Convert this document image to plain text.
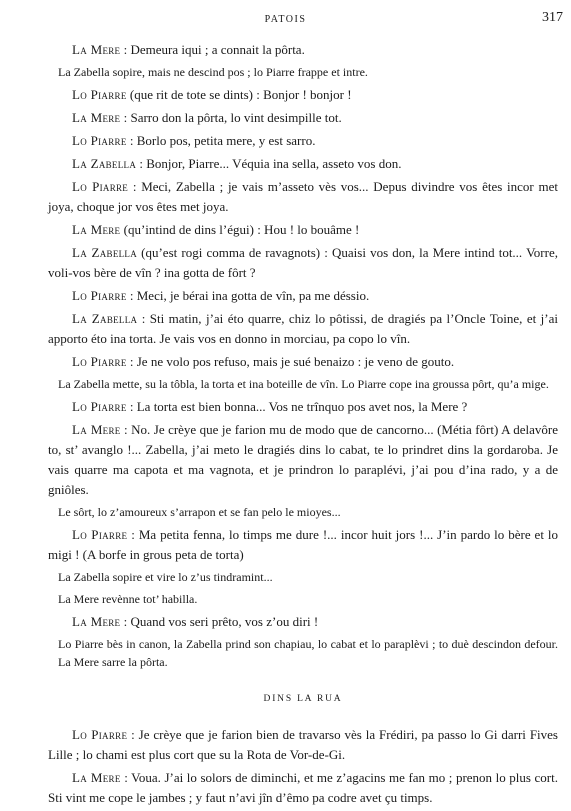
PATOIS	317

La Mere : Demeura iqui ; a connait la pôrta.

La Zabella sopire, mais ne descind pos ; lo Piarre frappe et intre.

Lo Piarre (que rit de tote se dints) : Bonjor ! bonjor !

La Mere : Sarro don la pôrta, lo vint desimpille tot.

Lo Piarre : Borlo pos, petita mere, y est sarro.

La Zabella : Bonjor, Piarre... Véquia ina sella, asseto vos don.

Lo Piarre : Meci, Zabella ; je vais m’asseto vès vos... Depus divindre vos êtes incor met joya, choque jor vos êtes met joya.

La Mere (qu’intind de dins l’égui) : Hou ! lo bouâme !

La Zabella (qu’est rogi comma de ravagnots) : Quaisi vos don, la Mere intind tot... Vorre, voli-vos bère de vîn ? ina gotta de fôrt ?

Lo Piarre : Meci, je bérai ina gotta de vîn, pa me déssio.

La Zabella : Sti matin, j’ai éto quarre, chiz lo pôtissi, de dragiés pa l’Oncle Toine, et j’ai apporto éto ina torta. Je vais vos en donno in morciau, pa copo lo vîn.

Lo Piarre : Je ne volo pos refuso, mais je sué benaizo : je veno de gouto.

La Zabella mette, su la tôbla, la torta et ina boteille de vîn. Lo Piarre cope ina groussa pôrt, qu’a mige.

Lo Piarre : La torta est bien bonna... Vos ne trînquo pos avet nos, la Mere ?

La Mere : No. Je crèye que je farion mu de modo que de cancorno... (Métia fôrt) A delavôre to, st’ avanglo !... Zabella, j’ai meto le dragiés dins lo cabat, te lo prindret dins la gordaroba. Je vais quarre ma capota et ma vagnota, et je prindron lo paraplévi, j’ai pou d’ina rado, y a de gniôles.

Le sôrt, lo z’amoureux s’arrapon et se fan pelo le mioyes...

Lo Piarre : Ma petita fenna, lo timps me dure !... incor huit jors !... J’in pardo lo bère et lo migi ! (A borfe in grous peta de torta)

La Zabella sopire et vire lo z’us tindramint...

La Mere revènne tot’ habilla.

La Mere : Quand vos seri prêto, vos z’ou diri !

Lo Piarre bès in canon, la Zabella prind son chapiau, lo cabat et lo paraplèvi ; to duè descindon defour. La Mere sarre la pôrta.

DINS LA RUA

Lo Piarre : Je crèye que je farion bien de travarso vès la Frédiri, pa passo lo Gi darri Fives Lille ; lo chami est plus cort que su la Rota de Vor-de-Gi.

La Mere : Voua. J’ai lo solors de diminchi, et me z’agacins me fan mo ; prenon lo plus cort. Sti vint me cope le jambes ; y faut n’avi jîn d’êmo pa codre avet çu timps.
